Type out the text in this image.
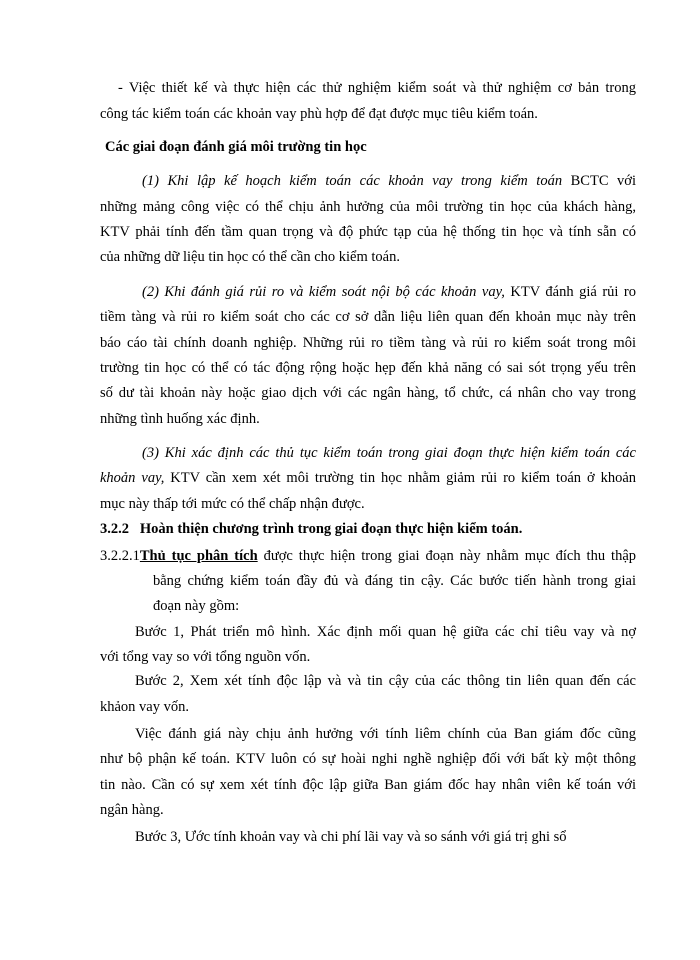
- Việc thiết kế và thực hiện các thử nghiệm kiểm soát và thử nghiệm cơ bản trong
công tác kiểm toán các khoản vay phù hợp để đạt được mục tiêu kiểm toán.
Các giai đoạn đánh giá môi trường tin học
(1) Khi lập kế hoạch kiểm toán các khoản vay trong kiểm toán BCTC với
những mảng công việc có thể chịu ảnh hưởng của môi trường tin học của khách hàng,
KTV phải tính đến tầm quan trọng và độ phức tạp của hệ thống tin học và tính sẵn có
của những dữ liệu tin học có thể cần cho kiểm toán.
(2) Khi đánh giá rủi ro và kiểm soát nội bộ các khoản vay, KTV đánh giá rủi ro
tiềm tàng và rủi ro kiểm soát cho các cơ sở dẫn liệu liên quan đến khoản mục này trên
báo cáo tài chính doanh nghiệp. Những rủi ro tiềm tàng và rủi ro kiểm soát trong môi
trường tin học có thể có tác động rộng hoặc hẹp đến khả năng có sai sót trọng yếu trên
số dư tài khoản này hoặc giao dịch với các ngân hàng, tổ chức, cá nhân cho vay trong
những tình huống xác định.
(3) Khi xác định các thủ tục kiểm toán trong giai đoạn thực hiện kiểm toán các
khoản vay, KTV cần xem xét môi trường tin học nhằm giảm rủi ro kiểm toán ở khoản
mục này thấp tới mức có thể chấp nhận được.
3.2.2 Hoàn thiện chương trình trong giai đoạn thực hiện kiểm toán.
3.2.2.1Thủ tục phân tích được thực hiện trong giai đoạn này nhằm mục đích thu thập
bằng chứng kiểm toán đầy đủ và đáng tin cậy. Các bước tiến hành trong giai
đoạn này gồm:
Bước 1, Phát triển mô hình. Xác định mối quan hệ giữa các chỉ tiêu vay và nợ
với tổng vay so với tổng nguồn vốn.
Bước 2, Xem xét tính độc lập và và tin cậy của các thông tin liên quan đến các
khảon vay vốn.
Việc đánh giá này chịu ảnh hưởng với tính liêm chính của Ban giám đốc cũng
như bộ phận kế toán. KTV luôn có sự hoài nghi nghề nghiệp đối với bất kỳ một thông
tin nào. Cần có sự xem xét tính độc lập giữa Ban giám đốc hay nhân viên kế toán với
ngân hàng.
Bước 3, Ước tính khoản vay và chi phí lãi vay và so sánh với giá trị ghi sổ
